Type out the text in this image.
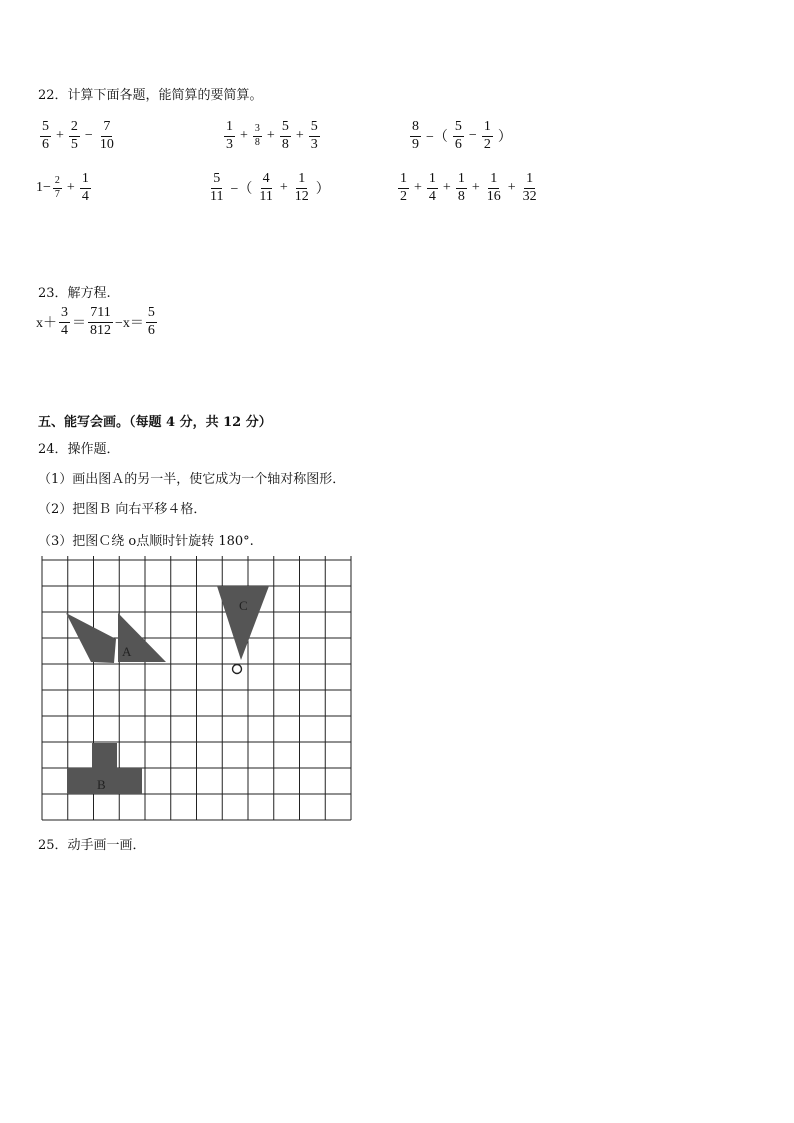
22．计算下面各题，能简算的要简算。
$\frac{5}{6} + \frac{2}{5} - \frac{7}{10}$	$\frac{1}{3} + \frac{3}{8} + \frac{5}{8} + \frac{5}{3}$	$\frac{8}{9}$ −（ $\frac{5}{6} - \frac{1}{2}$ ）
$1- \frac{2}{7} + \frac{1}{4}$	$\frac{5}{11}$ −（ $\frac{4}{11} + \frac{1}{12}$ ）	$\frac{1}{2} + \frac{1}{4} + \frac{1}{8} + \frac{1}{16} + \frac{1}{32}$
23．解方程.
$x+ \frac{3}{4} = \frac{711}{812} -x= \frac{5}{6}$
五、能写会画。（每题 4 分，共 12 分）
24．操作题．
（1）画出图Ａ的另一半，使它成为一个轴对称图形．
（2）把图Ｂ 向右平移４格．
（3）把图Ｃ绕 o点顺时针旋转 180°.
A
B
C
25．动手画一画．
